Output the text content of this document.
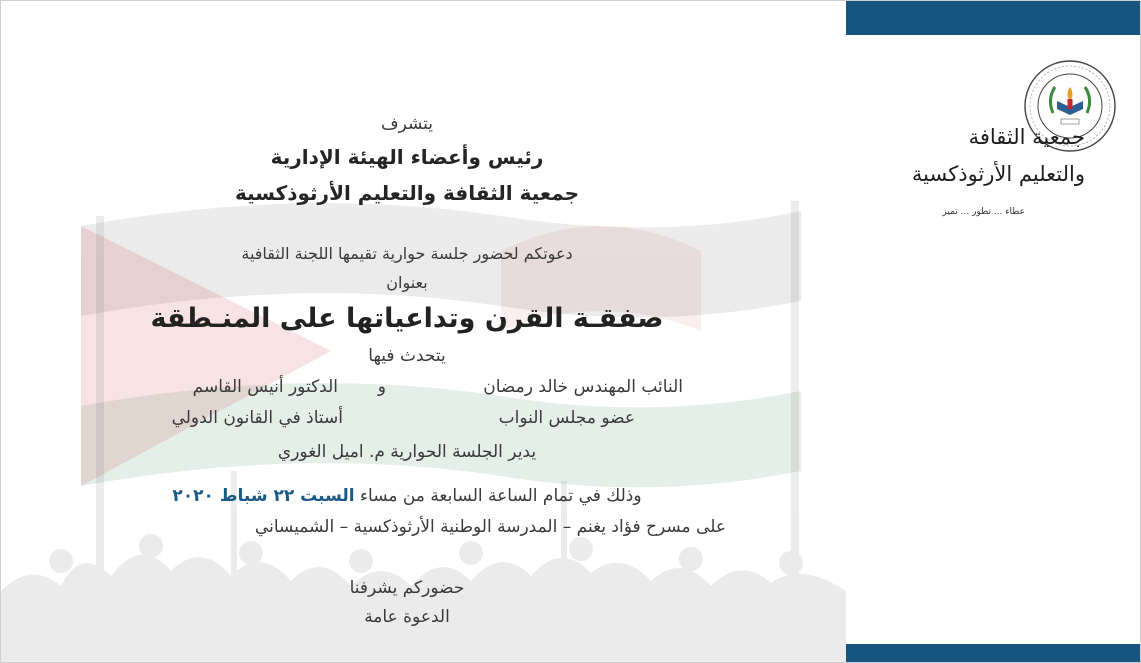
جمعية الثقافة
والتعليم الأرثوذكسية
عطاء ... تطور ... تميز
يتشرف
رئيس وأعضاء الهيئة الإدارية
جمعية الثقافة والتعليم الأرثوذكسية
دعوتكم لحضور جلسة حوارية تقيمها اللجنة الثقافية
بعنوان
صفقـة القرن وتداعياتها على المنـطقة
يتحدث فيها
النائب المهندس خالد رمضان
و
الدكتور أنيس القاسم
عضو مجلس النواب
أستاذ في القانون الدولي
يدير الجلسة الحوارية م. اميل الغوري
وذلك في تمام الساعة السابعة من مساء السبت ٢٢ شباط ٢٠٢٠
على مسرح فؤاد يغنم – المدرسة الوطنية الأرثوذكسية – الشميساني
حضوركم يشرفنا
الدعوة عامة
